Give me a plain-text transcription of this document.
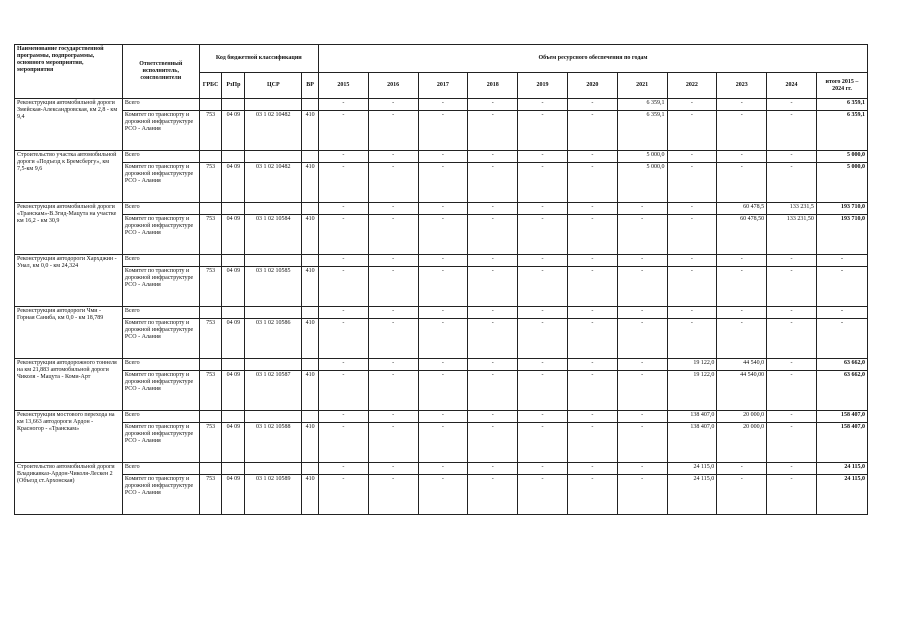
Наименование государственной программы, подпрограммы, основного мероприятия, мероприятия	Ответственный исполнитель, соисполнители	Код бюджетной классификации				Объем ресурсного обеспечения по годам										
		ГРБС	РзПр	ЦСР	ВР	2015	2016	2017	2018	2019	2020	2021	2022	2023	2024	итого 2015 – 2024 гг.
Реконструкция автомобильной дороги Змейская-Александровская, км 2,8 - км 9,4	Всего					-	-	-	-	-	-	6 359,1	-	-	-	6 359,1
	Комитет по транспорту и дорожной инфраструктуре РСО - Алания	753	04 09	03 1 02 10482	410	-	-	-	-	-	-	6 359,1	-	-	-	6 359,1
Строительство участка автомобильной дороги «Подъезд к Бремсбергу», км 7,5-км 9,6	Всего					-	-	-	-	-	-	5 000,0	-	-	-	5 000,0
	Комитет по транспорту и дорожной инфраструктуре РСО - Алания	753	04 09	03 1 02 10482	410	-	-	-	-	-	-	5 000,0	-	-	-	5 000,0
Реконструкция автомобильной дороги «Транскам»-В.Згид-Мацута на участке км 16,2 - км 30,9	Всего					-	-	-	-	-	-	-	-	60 478,5	133 231,5	193 710,0
	Комитет по транспорту и дорожной инфраструктуре РСО - Алания	753	04 09	03 1 02 10584	410	-	-	-	-	-	-	-	-	60 478,50	133 231,50	193 710,0
Реконструкция автодороги Хархджин - Унал, км 0,0 - км 24,324	Всего					-	-	-	-	-	-	-	-	-	-	-
	Комитет по транспорту и дорожной инфраструктуре РСО - Алания	753	04 09	03 1 02 10585	410	-	-	-	-	-	-	-	-	-	-	-
Реконструкция автодороги Чми - Горная Саниба, км 0,0 - км 18,789	Всего					-	-	-	-	-	-	-	-	-	-	-
	Комитет по транспорту и дорожной инфраструктуре РСО - Алания	753	04 09	03 1 02 10586	410	-	-	-	-	-	-	-	-	-	-	-
Реконструкция автодорожного тоннеля на км 21,883 автомобильной дороги Чиколя - Мацута - Коми-Арт	Всего					-	-	-	-	-	-	-	19 122,0	44 540,0	-	63 662,0
	Комитет по транспорту и дорожной инфраструктуре РСО - Алания	753	04 09	03 1 02 10587	410	-	-	-	-	-	-	-	19 122,0	44 540,00	-	63 662,0
Реконструкция мостового перехода на км 13,663 автодороги Ардон - Красногор - «Транскам»	Всего					-	-	-	-	-	-	-	138 407,0	20 000,0	-	158 407,0
	Комитет по транспорту и дорожной инфраструктуре РСО - Алания	753	04 09	03 1 02 10588	410	-	-	-	-	-	-	-	138 407,0	20 000,0	-	158 407,0
Строительство автомобильной дороги Владикавказ-Ардон-Чиколя-Лескен 2 (Объезд ст.Архонская)	Всего					-	-	-	-	-	-	-	24 115,0	-	-	24 115,0
	Комитет по транспорту и дорожной инфраструктуре РСО - Алания	753	04 09	03 1 02 10589	410	-	-	-	-	-	-	-	24 115,0	-	-	24 115,0
